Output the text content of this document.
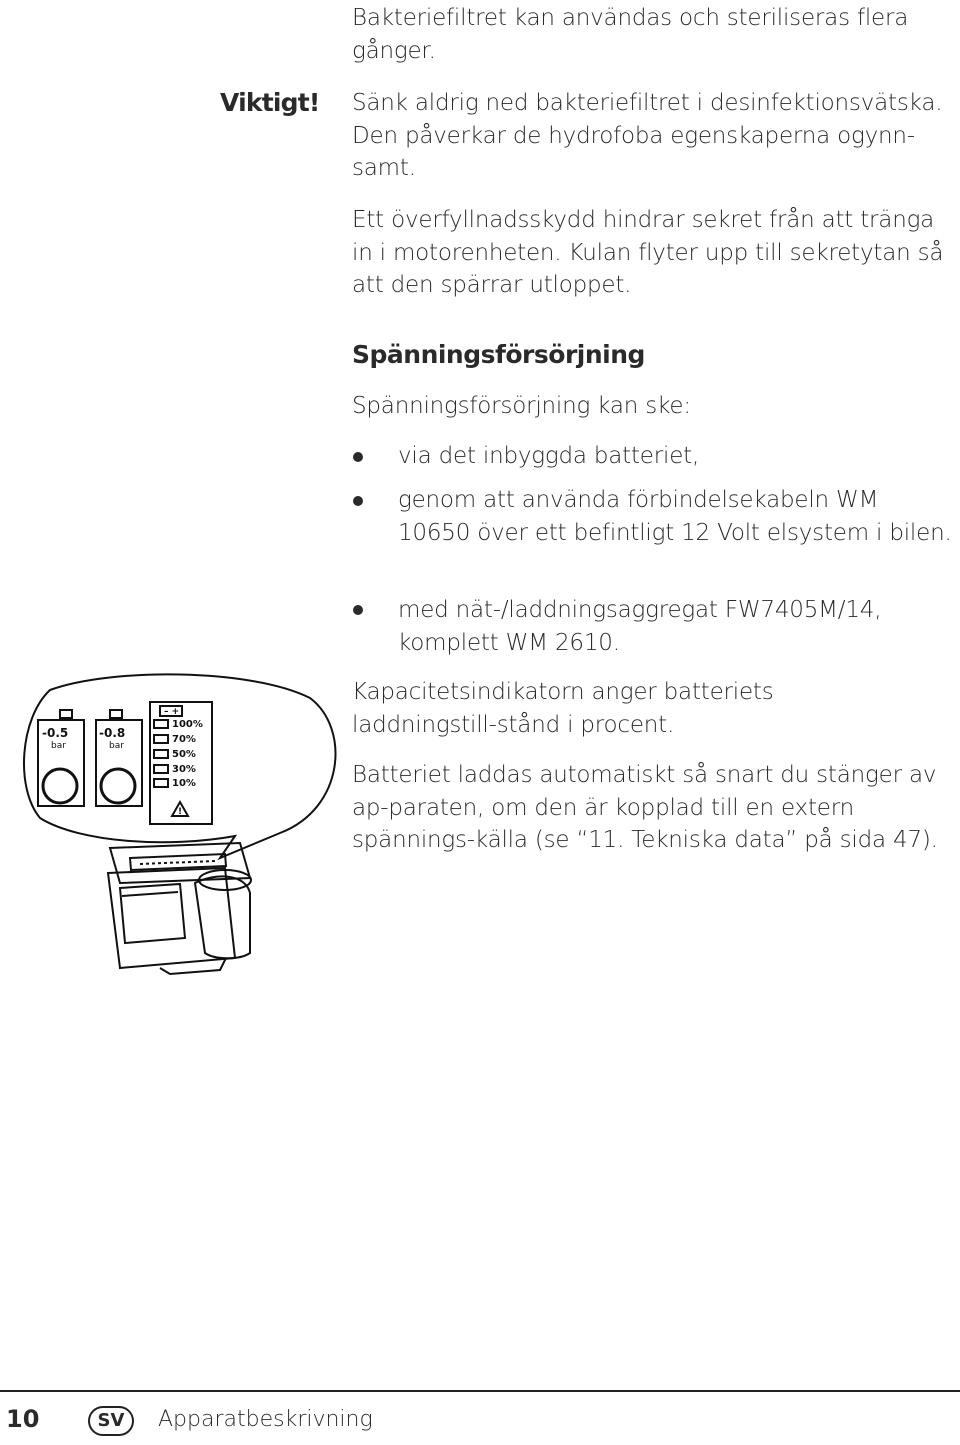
Bakteriefiltret kan användas och steriliseras flera gånger.

Viktigt! Sänk aldrig ned bakteriefiltret i desinfektionsvätska. Den påverkar de hydrofoba egenskaperna ogynn-samt.

Ett överfyllnadsskydd hindrar sekret från att tränga in i motorenheten. Kulan flyter upp till sekretytan så att den spärrar utloppet.

Spänningsförsörjning

Spänningsförsörjning kan ske:

via det inbyggda batteriet,

genom att använda förbindelsekabeln WM 10650 över ett befintligt 12 Volt elsystem i bilen.

med nät-/laddningsaggregat FW7405M/14, komplett WM 2610.

Kapacitetsindikatorn anger batteriets laddningstill-stånd i procent.

Batteriet laddas automatiskt så snart du stänger av ap-paraten, om den är kopplad till en extern spännings-källa (se “11. Tekniska data” på sida 47).

-0.5
bar
-0.8
bar
– +
100%
70%
50%
30%
10%
!
10	SV	Apparatbeskrivning
